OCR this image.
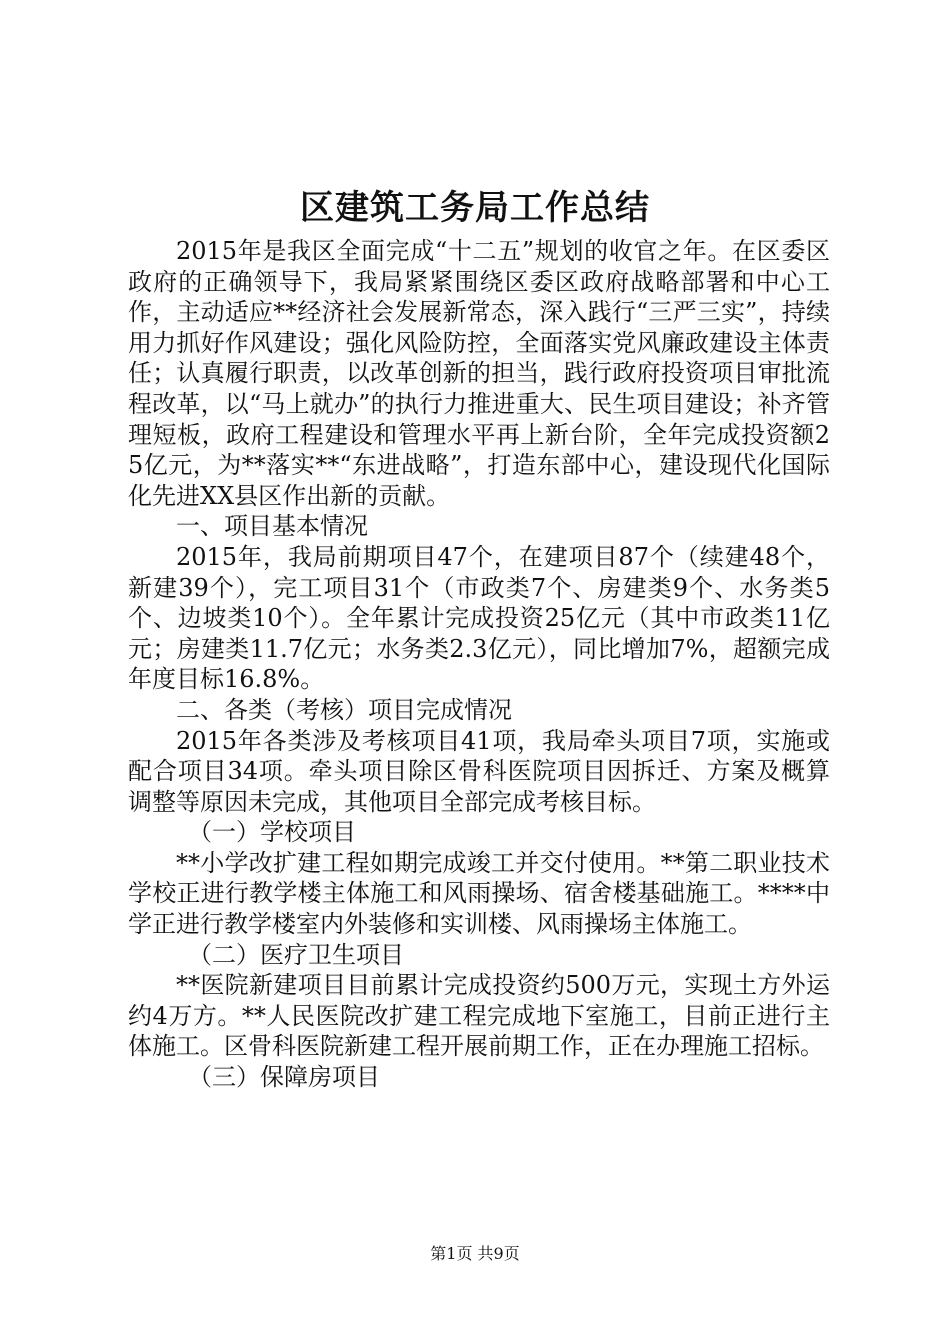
区建筑工务局工作总结

2015年是我区全面完成“十二五”规划的收官之年。在区委区政府的正确领导下，我局紧紧围绕区委区政府战略部署和中心工作，主动适应**经济社会发展新常态，深入践行“三严三实”，持续用力抓好作风建设；强化风险防控，全面落实党风廉政建设主体责任；认真履行职责，以改革创新的担当，践行政府投资项目审批流程改革，以“马上就办”的执行力推进重大、民生项目建设；补齐管理短板，政府工程建设和管理水平再上新台阶，全年完成投资额25亿元，为**落实**“东进战略”，打造东部中心，建设现代化国际化先进XX县区作出新的贡献。

一、项目基本情况

2015年，我局前期项目47个，在建项目87个（续建48个，新建39个），完工项目31个（市政类7个、房建类9个、水务类5个、边坡类10个）。全年累计完成投资25亿元（其中市政类11亿元；房建类11.7亿元；水务类2.3亿元），同比增加7%，超额完成年度目标16.8%。

二、各类（考核）项目完成情况

2015年各类涉及考核项目41项，我局牵头项目7项，实施或配合项目34项。牵头项目除区骨科医院项目因拆迁、方案及概算调整等原因未完成，其他项目全部完成考核目标。

（一）学校项目

**小学改扩建工程如期完成竣工并交付使用。**第二职业技术学校正进行教学楼主体施工和风雨操场、宿舍楼基础施工。****中学正进行教学楼室内外装修和实训楼、风雨操场主体施工。

（二）医疗卫生项目

**医院新建项目目前累计完成投资约500万元，实现土方外运约4万方。**人民医院改扩建工程完成地下室施工，目前正进行主体施工。区骨科医院新建工程开展前期工作，正在办理施工招标。

（三）保障房项目

第1页 共9页
